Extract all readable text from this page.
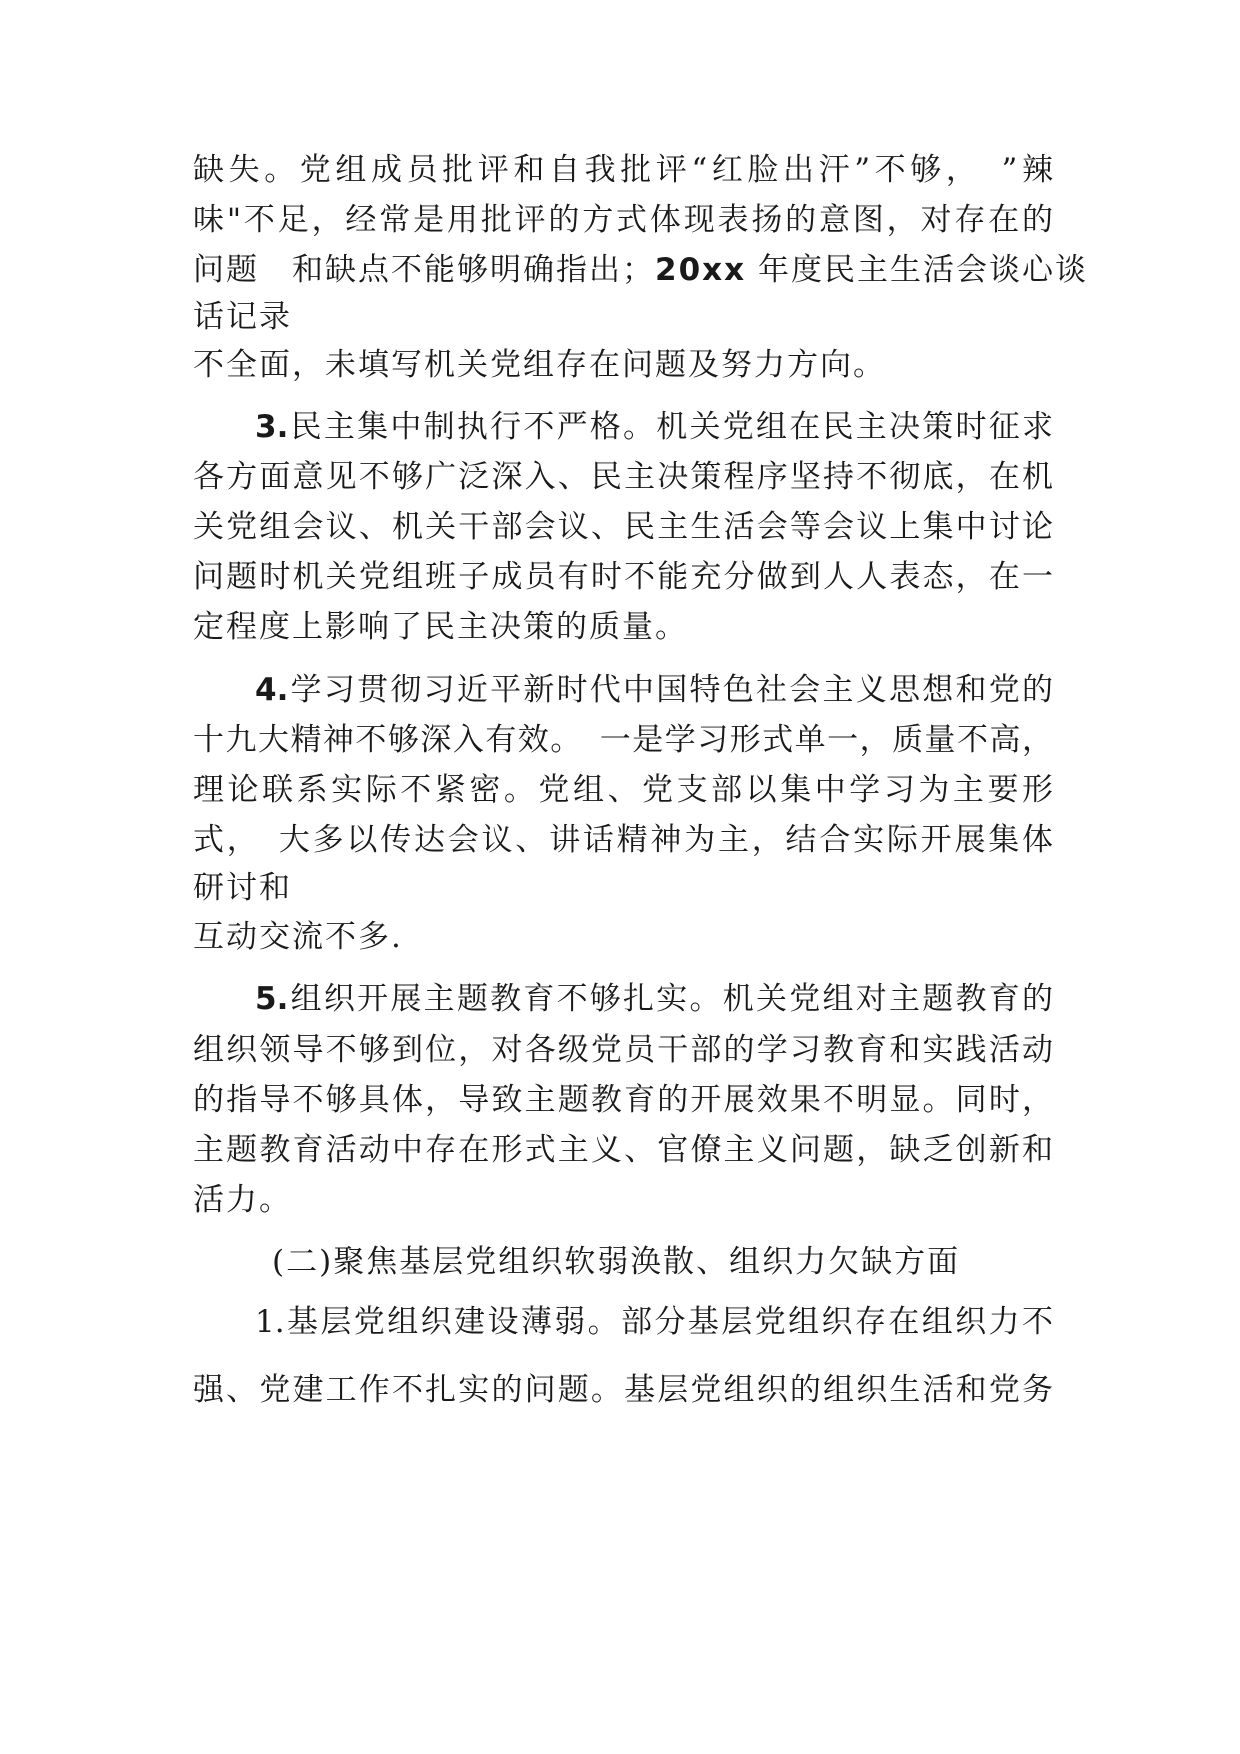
缺失。党组成员批评和自我批评“红脸出汗”不够，　”辣
味"不足，经常是用批评的方式体现表扬的意图，对存在的
问题　和缺点不能够明确指出；20xx 年度民主生活会谈心谈
话记录
不全面，未填写机关党组存在问题及努力方向。
3.民主集中制执行不严格。机关党组在民主决策时征求
各方面意见不够广泛深入、民主决策程序坚持不彻底，在机
关党组会议、机关干部会议、民主生活会等会议上集中讨论
问题时机关党组班子成员有时不能充分做到人人表态，在一
定程度上影响了民主决策的质量。
4.学习贯彻习近平新时代中国特色社会主义思想和党的
十九大精神不够深入有效。　一是学习形式单一，质量不高，
理论联系实际不紧密。党组、党支部以集中学习为主要形
式，　大多以传达会议、讲话精神为主，结合实际开展集体
研讨和
互动交流不多.
5.组织开展主题教育不够扎实。机关党组对主题教育的
组织领导不够到位，对各级党员干部的学习教育和实践活动
的指导不够具体，导致主题教育的开展效果不明显。同时，
主题教育活动中存在形式主义、官僚主义问题，缺乏创新和
活力。
(二)聚焦基层党组织软弱涣散、组织力欠缺方面
1.基层党组织建设薄弱。部分基层党组织存在组织力不
强、党建工作不扎实的问题。基层党组织的组织生活和党务
